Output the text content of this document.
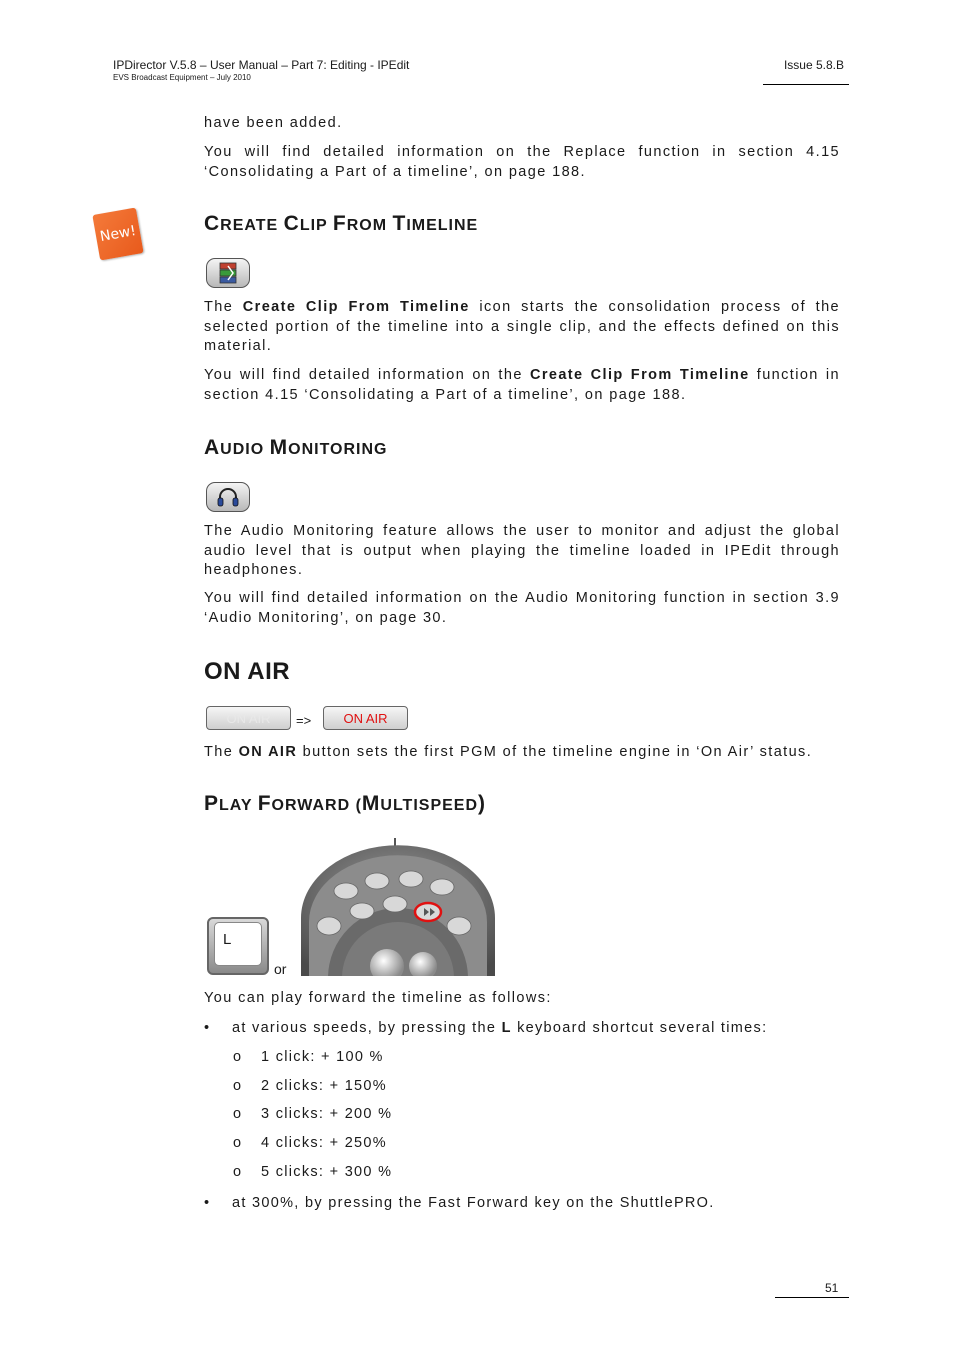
IPDirector V.5.8 – User Manual – Part 7: Editing - IPEdit
EVS Broadcast Equipment – July 2010
Issue 5.8.B
have been added.
You will find detailed information on the Replace function in section 4.15 ‘Consolidating a Part of a timeline’, on page 188.
New!	CREATE CLIP FROM TIMELINE
The Create Clip From Timeline icon starts the consolidation process of the selected portion of the timeline into a single clip, and the effects defined on this material.
You will find detailed information on the Create Clip From Timeline function in section 4.15 ‘Consolidating a Part of a timeline’, on page 188.
AUDIO MONITORING
The Audio Monitoring feature allows the user to monitor and adjust the global audio level that is output when playing the timeline loaded in IPEdit through headphones.
You will find detailed information on the Audio Monitoring function in section 3.9 ‘Audio Monitoring’, on page 30.
ON AIR
ON AIR	=>	ON AIR
The ON AIR button sets the first PGM of the timeline engine in ‘On Air’ status.
PLAY FORWARD (MULTISPEED)
L
or
You can play forward the timeline as follows:
• at various speeds, by pressing the L keyboard shortcut several times:
o 1 click: + 100 %
o 2 clicks: + 150%
o 3 clicks: + 200 %
o 4 clicks: + 250%
o 5 clicks: + 300 %
• at 300%, by pressing the Fast Forward key on the ShuttlePRO.
51
